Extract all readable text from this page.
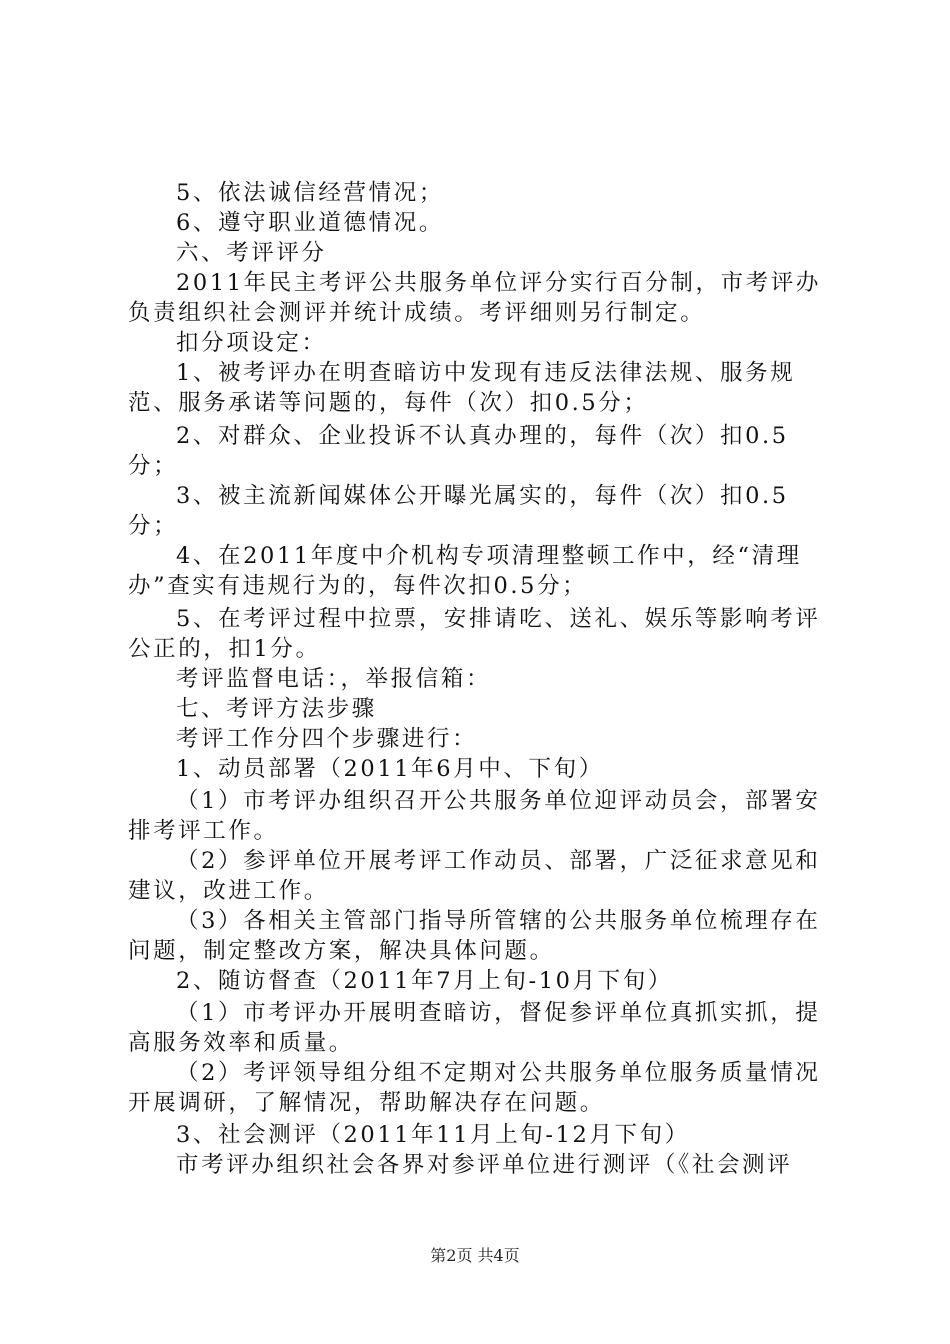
5、依法诚信经营情况；

6、遵守职业道德情况。

六、考评评分

2011年民主考评公共服务单位评分实行百分制，市考评办负责组织社会测评并统计成绩。考评细则另行制定。

扣分项设定：

1、被考评办在明查暗访中发现有违反法律法规、服务规范、服务承诺等问题的，每件（次）扣0.5分；

2、对群众、企业投诉不认真办理的，每件（次）扣0.5分；

3、被主流新闻媒体公开曝光属实的，每件（次）扣0.5分；

4、在2011年度中介机构专项清理整顿工作中，经“清理办”查实有违规行为的，每件次扣0.5分；

5、在考评过程中拉票，安排请吃、送礼、娱乐等影响考评公正的，扣1分。

考评监督电话：，举报信箱：

七、考评方法步骤

考评工作分四个步骤进行：

1、动员部署（2011年6月中、下旬）

（1）市考评办组织召开公共服务单位迎评动员会，部署安排考评工作。

（2）参评单位开展考评工作动员、部署，广泛征求意见和建议，改进工作。

（3）各相关主管部门指导所管辖的公共服务单位梳理存在问题，制定整改方案，解决具体问题。

2、随访督查（2011年7月上旬-10月下旬）

（1）市考评办开展明查暗访，督促参评单位真抓实抓，提高服务效率和质量。

（2）考评领导组分组不定期对公共服务单位服务质量情况开展调研，了解情况，帮助解决存在问题。

3、社会测评（2011年11月上旬-12月下旬）

市考评办组织社会各界对参评单位进行测评（《社会测评

第2页 共4页
